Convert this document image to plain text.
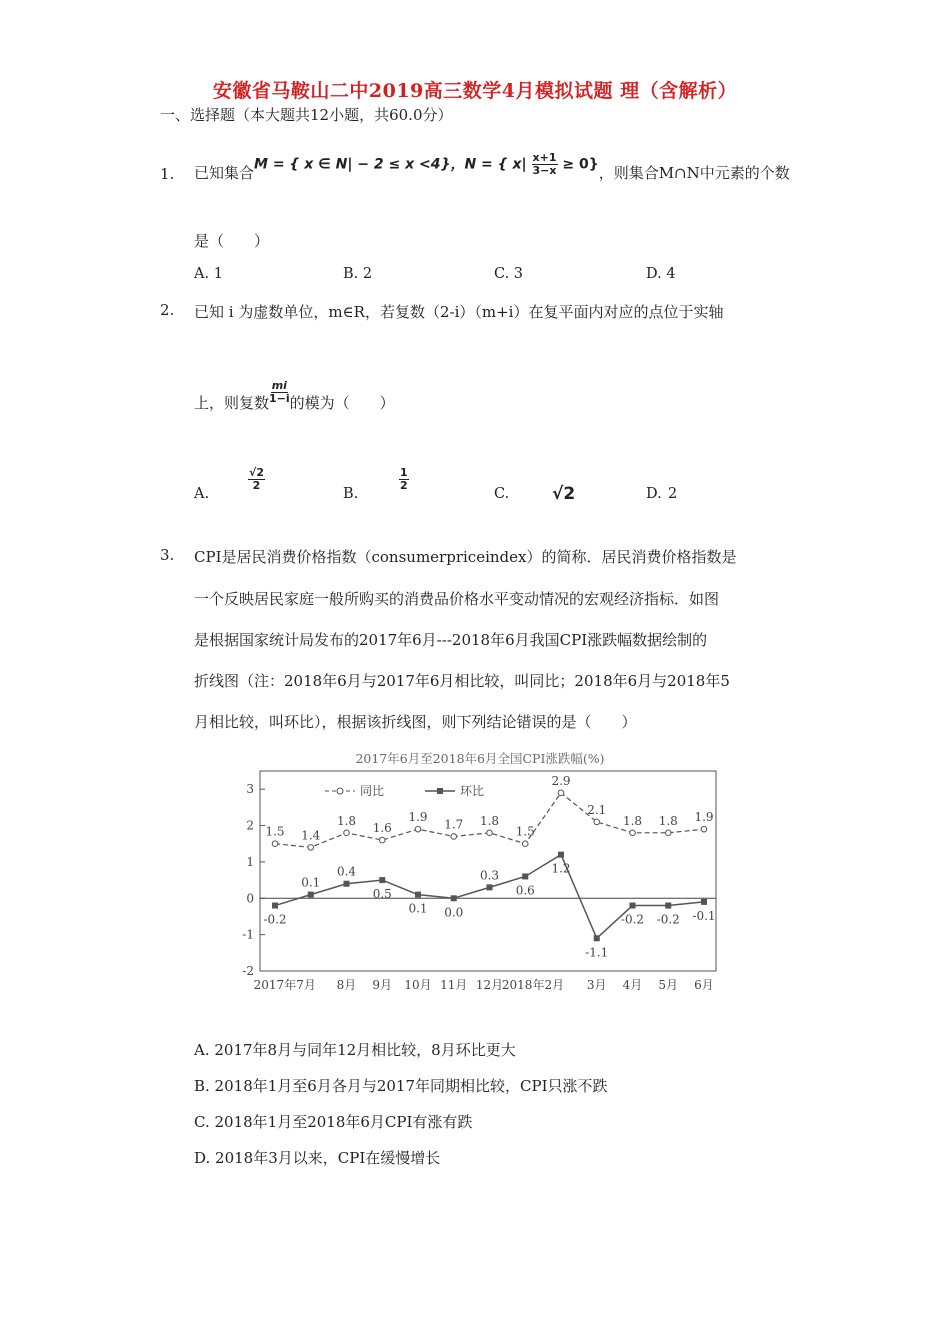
安徽省马鞍山二中2019高三数学4月模拟试题 理（含解析）
一、选择题（本大题共12小题，共60.0分）
1. 已知集合 M = { x ∈ N| − 2 ≤ x <4}，N = { $x| \frac{x+1}{3-x} \ge 0$} ，则集合M∩N中元素的个数
是（　　）
A. 1	B. 2	C. 3	D. 4
2. 已知 i 为虚数单位，m∈R，若复数（2-i）（m+i）在复平面内对应的点位于实轴
上，则复数 $\frac{mi}{1-i}$ 的模为（　　）
A.
$\frac{√2}{2}$
B.
$\frac{1}{2}$
C.	√2	D. 2
3. CPI是居民消费价格指数（consumerpriceindex）的简称．居民消费价格指数是
一个反映居民家庭一般所购买的消费品价格水平变动情况的宏观经济指标．如图
是根据国家统计局发布的2017年6月---2018年6月我国CPI涨跌幅数据绘制的
折线图（注：2018年6月与2017年6月相比较，叫同比；2018年6月与2018年5
月相比较，叫环比），根据该折线图，则下列结论错误的是（　　）
2017年6月至2018年6月全国CPI涨跌幅(%)
同比	环比
3
2
1
0
-1
-2
2017年7月 8月 9月 10月 11月 12月
2018年2月 3月 4月 5月 6月
1.5 1.4
1.8
1.6
1.9
1.7 1.8
1.5
2.9
2.1
1.8 1.8 1.9
-0.2
0.1
0.4
0.5
0.1 0.0
0.3
0.6
1.2
-1.1
-0.2 -0.2 -0.1
A. 2017年8月与同年12月相比较，8月环比更大
B. 2018年1月至6月各月与2017年同期相比较，CPI只涨不跌
C. 2018年1月至2018年6月CPI有涨有跌
D. 2018年3月以来，CPI在缓慢增长
